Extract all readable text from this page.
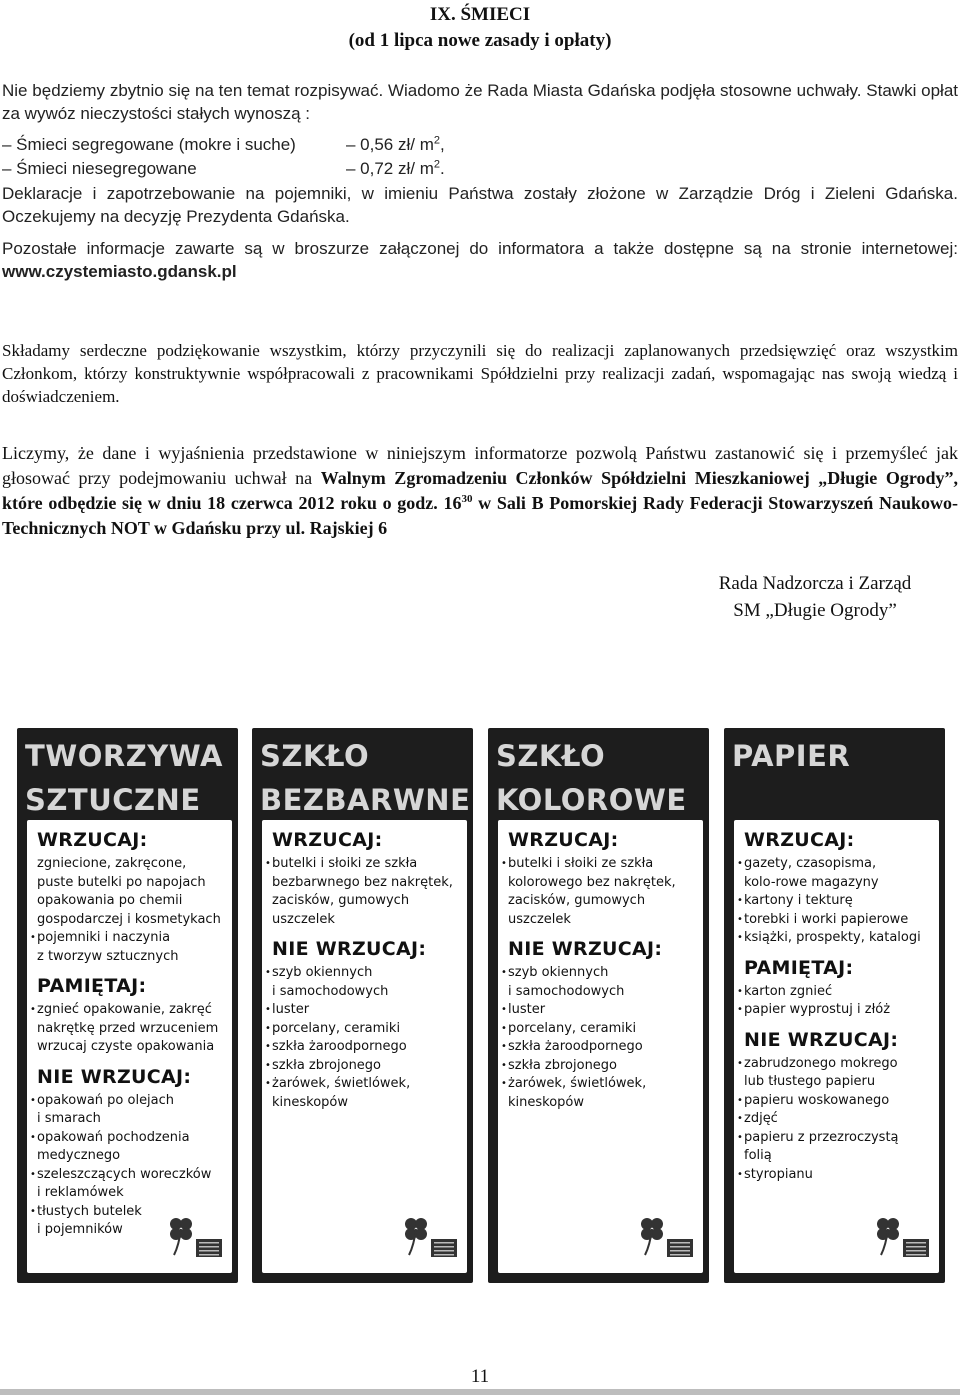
IX. ŚMIECI
(od 1 lipca nowe zasady i opłaty)
Nie będziemy zbytnio się na ten temat rozpisywać. Wiadomo że Rada Miasta Gdańska podjęła stosowne uchwały. Stawki opłat za wywóz nieczystości stałych wynoszą :
– Śmieci segregowane (mokre i suche)	– 0,56 zł/ $m^2$,
– Śmieci niesegregowane	– 0,72 zł/ $m^2$.
Deklaracje i zapotrzebowanie na pojemniki, w imieniu Państwa zostały złożone w Zarządzie Dróg i Zieleni Gdańska. Oczekujemy na decyzję Prezydenta Gdańska.
Pozostałe informacje zawarte są w broszurze załączonej do informatora a także dostępne są na stronie internetowej: www.czystemiasto.gdansk.pl
Składamy serdeczne podziękowanie wszystkim, którzy przyczynili się do realizacji zaplanowanych przedsięwzięć oraz wszystkim Członkom, którzy konstruktywnie współpracowali z pracownikami Spółdzielni przy realizacji zadań, wspomagając nas swoją wiedzą i doświadczeniem.
Liczymy, że dane i wyjaśnienia przedstawione w niniejszym informatorze pozwolą Państwu zastanowić się i przemyśleć jak głosować przy podejmowaniu uchwał na Walnym Zgromadzeniu Członków Spółdzielni Mieszkaniowej „Długie Ogrody”, które odbędzie się w dniu 18 czerwca 2012 roku o godz. $16^{30}$ w Sali B Pomorskiej Rady Federacji Stowarzyszeń Naukowo-Technicznych NOT w Gdańsku przy ul. Rajskiej 6
Rada Nadzorcza i Zarząd
SM „Długie Ogrody”
TWORZYWA
SZTUCZNE
WRZUCAJ:
zgniecione, zakręcone,
puste butelki po napojach
opakowania po chemii
gospodarczej i kosmetykach
• pojemniki i naczynia
z tworzyw sztucznych
PAMIĘTAJ:
• zgnieć opakowanie, zakręć
nakrętkę przed wrzuceniem
wrzucaj czyste opakowania
NIE WRZUCAJ:
• opakowań po olejach
i smarach
• opakowań pochodzenia
medycznego
• szeleszczących woreczków
i reklamówek
• tłustych butelek
i pojemników
SZKŁO
BEZBARWNE
WRZUCAJ:
• butelki i słoiki ze szkła
bezbarwnego bez nakrętek,
zacisków, gumowych
uszczelek
NIE WRZUCAJ:
• szyb okiennych
i samochodowych
• luster
• porcelany, ceramiki
• szkła żaroodpornego
• szkła zbrojonego
• żarówek, świetlówek,
kineskopów
SZKŁO
KOLOROWE
WRZUCAJ:
• butelki i słoiki ze szkła
kolorowego bez nakrętek,
zacisków, gumowych
uszczelek
NIE WRZUCAJ:
• szyb okiennych
i samochodowych
• luster
• porcelany, ceramiki
• szkła żaroodpornego
• szkła zbrojonego
• żarówek, świetlówek,
kineskopów
PAPIER
WRZUCAJ:
• gazety, czasopisma,
kolo-rowe magazyny
• kartony i tekturę
• torebki i worki papierowe
• książki, prospekty, katalogi
PAMIĘTAJ:
• karton zgnieć
• papier wyprostuj i złóż
NIE WRZUCAJ:
• zabrudzonego mokrego
lub tłustego papieru
• papieru woskowanego
• zdjęć
• papieru z przezroczystą
folią
• styropianu
11
